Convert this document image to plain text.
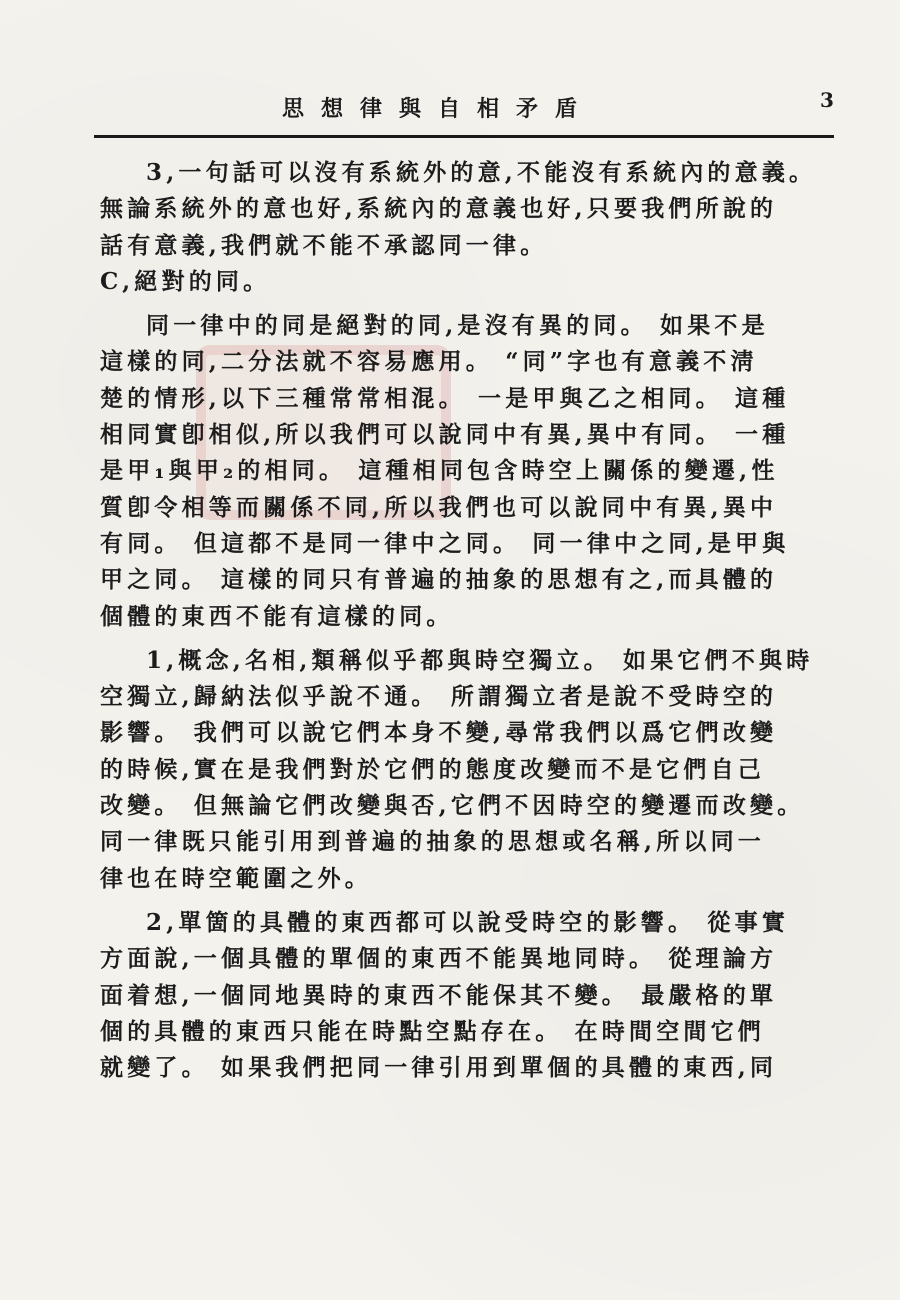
思想律與自相矛盾	3
3,一句話可以沒有系統外的意,不能沒有系統內的意義。
無論系統外的意也好,系統內的意義也好,只要我們所說的
話有意義,我們就不能不承認同一律。
C,絕對的同。
同一律中的同是絕對的同,是沒有異的同。 如果不是
這樣的同,二分法就不容易應用。 “同”字也有意義不淸
楚的情形,以下三種常常相混。 一是甲與乙之相同。 這種
相同實卽相似,所以我們可以說同中有異,異中有同。 一種
是甲₁與甲₂的相同。 這種相同包含時空上關係的變遷,性
質卽令相等而關係不同,所以我們也可以說同中有異,異中
有同。 但這都不是同一律中之同。 同一律中之同,是甲與
甲之同。 這樣的同只有普遍的抽象的思想有之,而具體的
個體的東西不能有這樣的同。
1,概念,名相,類稱似乎都與時空獨立。 如果它們不與時
空獨立,歸納法似乎說不通。 所謂獨立者是說不受時空的
影響。 我們可以說它們本身不變,尋常我們以爲它們改變
的時候,實在是我們對於它們的態度改變而不是它們自己
改變。 但無論它們改變與否,它們不因時空的變遷而改變。
同一律既只能引用到普遍的抽象的思想或名稱,所以同一
律也在時空範圍之外。
2,單箇的具體的東西都可以說受時空的影響。 從事實
方面說,一個具體的單個的東西不能異地同時。 從理論方
面着想,一個同地異時的東西不能保其不變。 最嚴格的單
個的具體的東西只能在時點空點存在。 在時間空間它們
就變了。 如果我們把同一律引用到單個的具體的東西,同
